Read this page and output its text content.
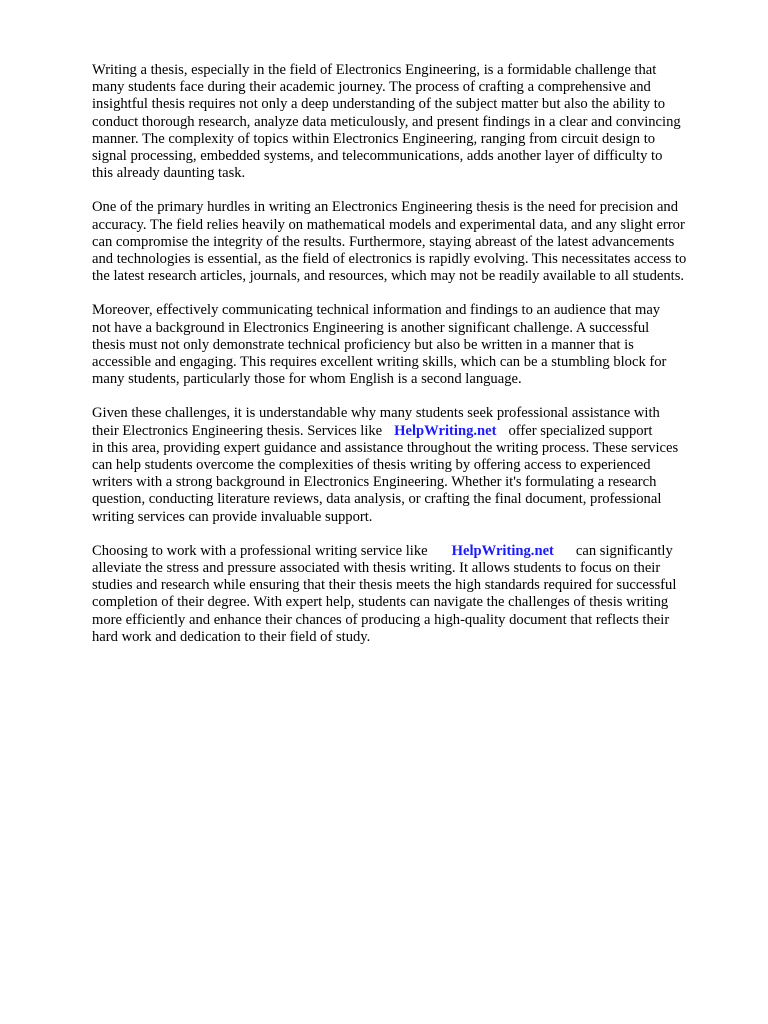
Writing a thesis, especially in the field of Electronics Engineering, is a formidable challenge that
many students face during their academic journey. The process of crafting a comprehensive and
insightful thesis requires not only a deep understanding of the subject matter but also the ability to
conduct thorough research, analyze data meticulously, and present findings in a clear and convincing
manner. The complexity of topics within Electronics Engineering, ranging from circuit design to
signal processing, embedded systems, and telecommunications, adds another layer of difficulty to
this already daunting task.

One of the primary hurdles in writing an Electronics Engineering thesis is the need for precision and
accuracy. The field relies heavily on mathematical models and experimental data, and any slight error
can compromise the integrity of the results. Furthermore, staying abreast of the latest advancements
and technologies is essential, as the field of electronics is rapidly evolving. This necessitates access to
the latest research articles, journals, and resources, which may not be readily available to all students.

Moreover, effectively communicating technical information and findings to an audience that may
not have a background in Electronics Engineering is another significant challenge. A successful
thesis must not only demonstrate technical proficiency but also be written in a manner that is
accessible and engaging. This requires excellent writing skills, which can be a stumbling block for
many students, particularly those for whom English is a second language.

Given these challenges, it is understandable why many students seek professional assistance with
their Electronics Engineering thesis. Services like HelpWriting.net offer specialized support
in this area, providing expert guidance and assistance throughout the writing process. These services
can help students overcome the complexities of thesis writing by offering access to experienced
writers with a strong background in Electronics Engineering. Whether it's formulating a research
question, conducting literature reviews, data analysis, or crafting the final document, professional
writing services can provide invaluable support.

Choosing to work with a professional writing service like HelpWriting.net can significantly
alleviate the stress and pressure associated with thesis writing. It allows students to focus on their
studies and research while ensuring that their thesis meets the high standards required for successful
completion of their degree. With expert help, students can navigate the challenges of thesis writing
more efficiently and enhance their chances of producing a high-quality document that reflects their
hard work and dedication to their field of study.
